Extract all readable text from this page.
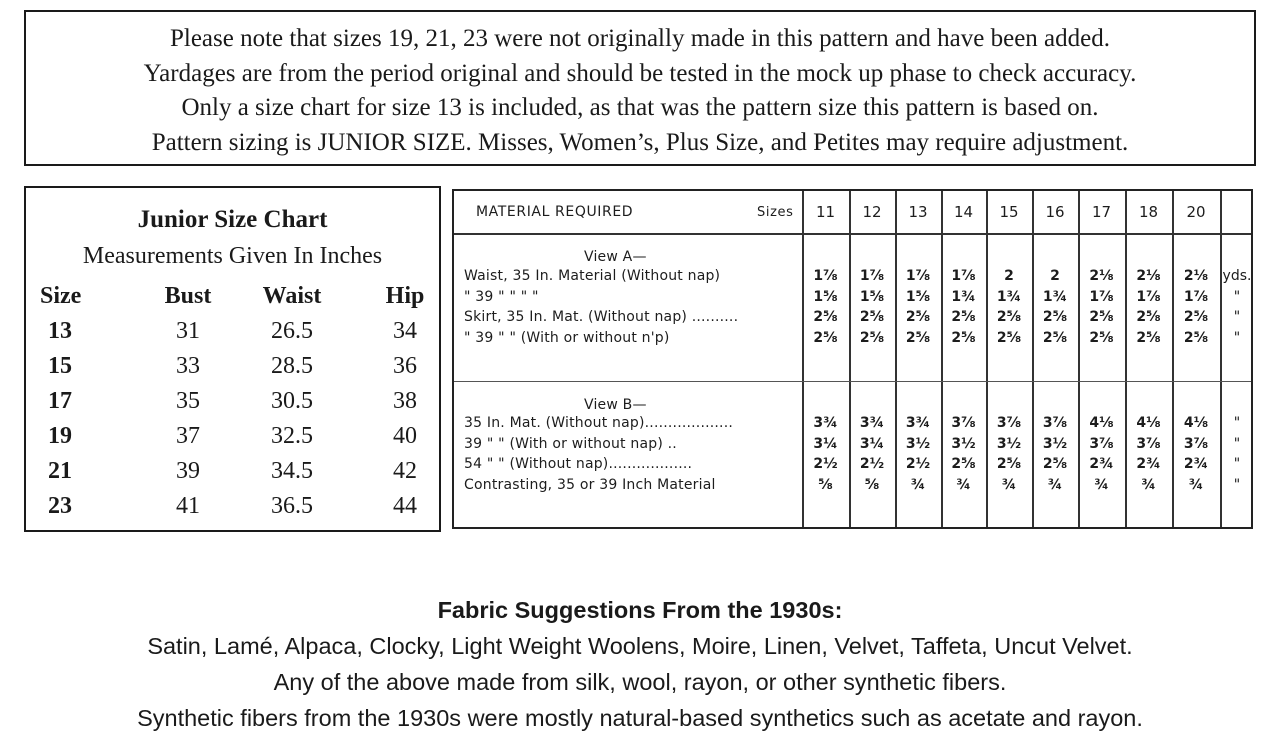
Please note that sizes 19, 21, 23 were not originally made in this pattern and have been added.
Yardages are from the period original and should be tested in the mock up phase to check accuracy.
Only a size chart for size 13 is included, as that was the pattern size this pattern is based on.
Pattern sizing is JUNIOR SIZE. Misses, Women’s, Plus Size, and Petites may require adjustment.
Junior Size Chart
Measurements Given In Inches
Size	Bust	Waist	Hip
13	31	26.5	34
15	33	28.5	36
17	35	30.5	38
19	37	32.5	40
21	39	34.5	42
23	41	36.5	44
MATERIAL REQUIRED	Sizes	11	12	13	14	15	16	17	18	20
View A—
Waist, 35 In. Material (Without nap)	1⅞	1⅞	1⅞	1⅞	2	2	2⅛	2⅛	2⅛	yds.
" 39 " " " "	1⅝	1⅝	1⅝	1¾	1¾	1¾	1⅞	1⅞	1⅞	"
Skirt, 35 In. Mat. (Without nap) ..........	2⅝	2⅝	2⅝	2⅝	2⅝	2⅝	2⅝	2⅝	2⅝	"
" 39 " " (With or without n'p)	2⅝	2⅝	2⅝	2⅝	2⅝	2⅝	2⅝	2⅝	2⅝	"
View B—
35 In. Mat. (Without nap)...................	3¾	3¾	3¾	3⅞	3⅞	3⅞	4⅛	4⅛	4⅛	"
39 " " (With or without nap) ..	3¼	3¼	3½	3½	3½	3½	3⅞	3⅞	3⅞	"
54 " " (Without nap)..................	2½	2½	2½	2⅝	2⅝	2⅝	2¾	2¾	2¾	"
Contrasting, 35 or 39 Inch Material	⅝	⅝	¾	¾	¾	¾	¾	¾	¾	"
Fabric Suggestions From the 1930s:
Satin, Lamé, Alpaca, Clocky, Light Weight Woolens, Moire, Linen, Velvet, Taffeta, Uncut Velvet.
Any of the above made from silk, wool, rayon, or other synthetic fibers.
Synthetic fibers from the 1930s were mostly natural-based synthetics such as acetate and rayon.
